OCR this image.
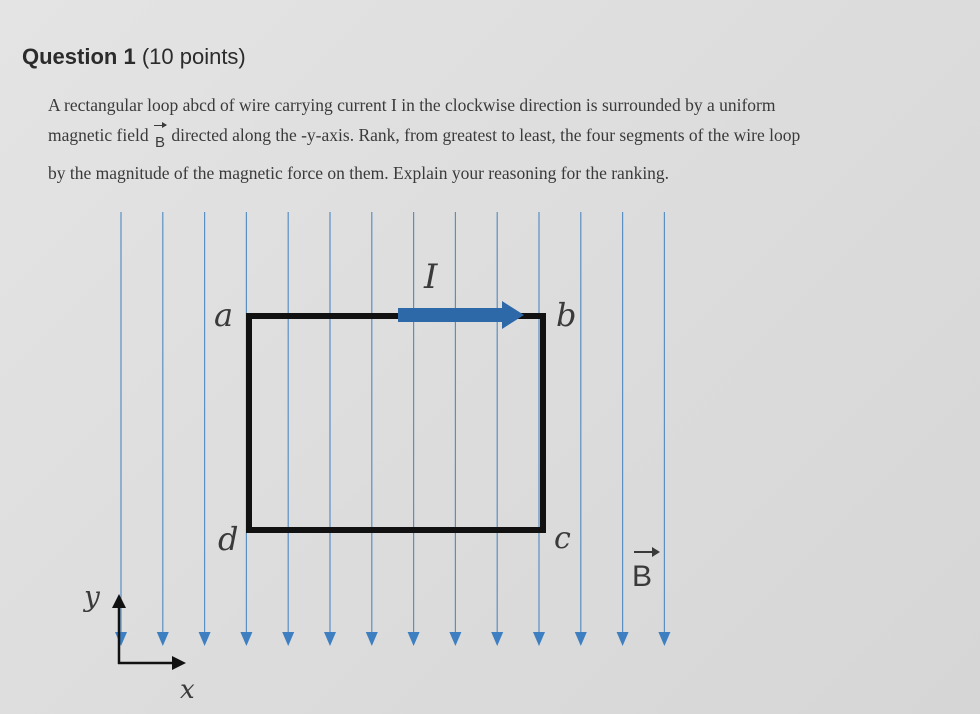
Question 1 (10 points)
A rectangular loop abcd of wire carrying current I in the clockwise direction is surrounded by a uniform
magnetic field B directed along the -y-axis. Rank, from greatest to least, the four segments of the wire loop
by the magnitude of the magnetic force on them. Explain your reasoning for the ranking.
I
a	b
c
d
B
y
x
